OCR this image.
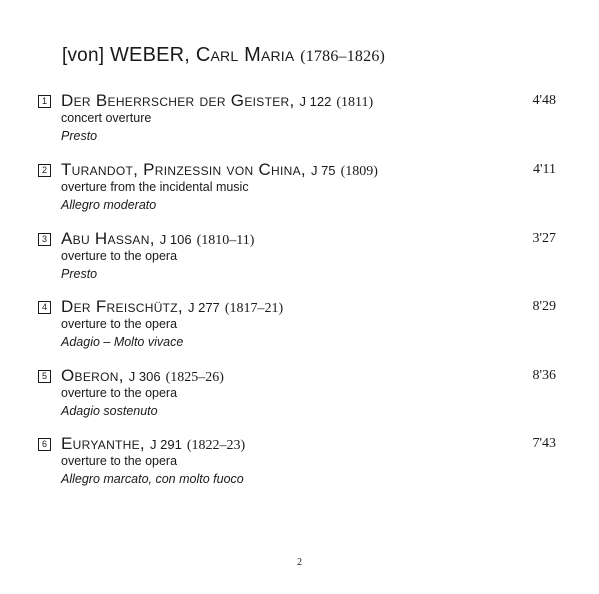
[von] WEBER, Carl Maria (1786–1826)
1 Der Beherrscher der Geister, J 122 (1811)	4'48
concert overture
Presto
2 Turandot, Prinzessin von China, J 75 (1809)	4'11
overture from the incidental music
Allegro moderato
3 Abu Hassan, J 106 (1810–11)	3'27
overture to the opera
Presto
4 Der Freischütz, J 277 (1817–21)	8'29
overture to the opera
Adagio – Molto vivace
5 Oberon, J 306 (1825–26)	8'36
overture to the opera
Adagio sostenuto
6 Euryanthe, J 291 (1822–23)	7'43
overture to the opera
Allegro marcato, con molto fuoco
2
